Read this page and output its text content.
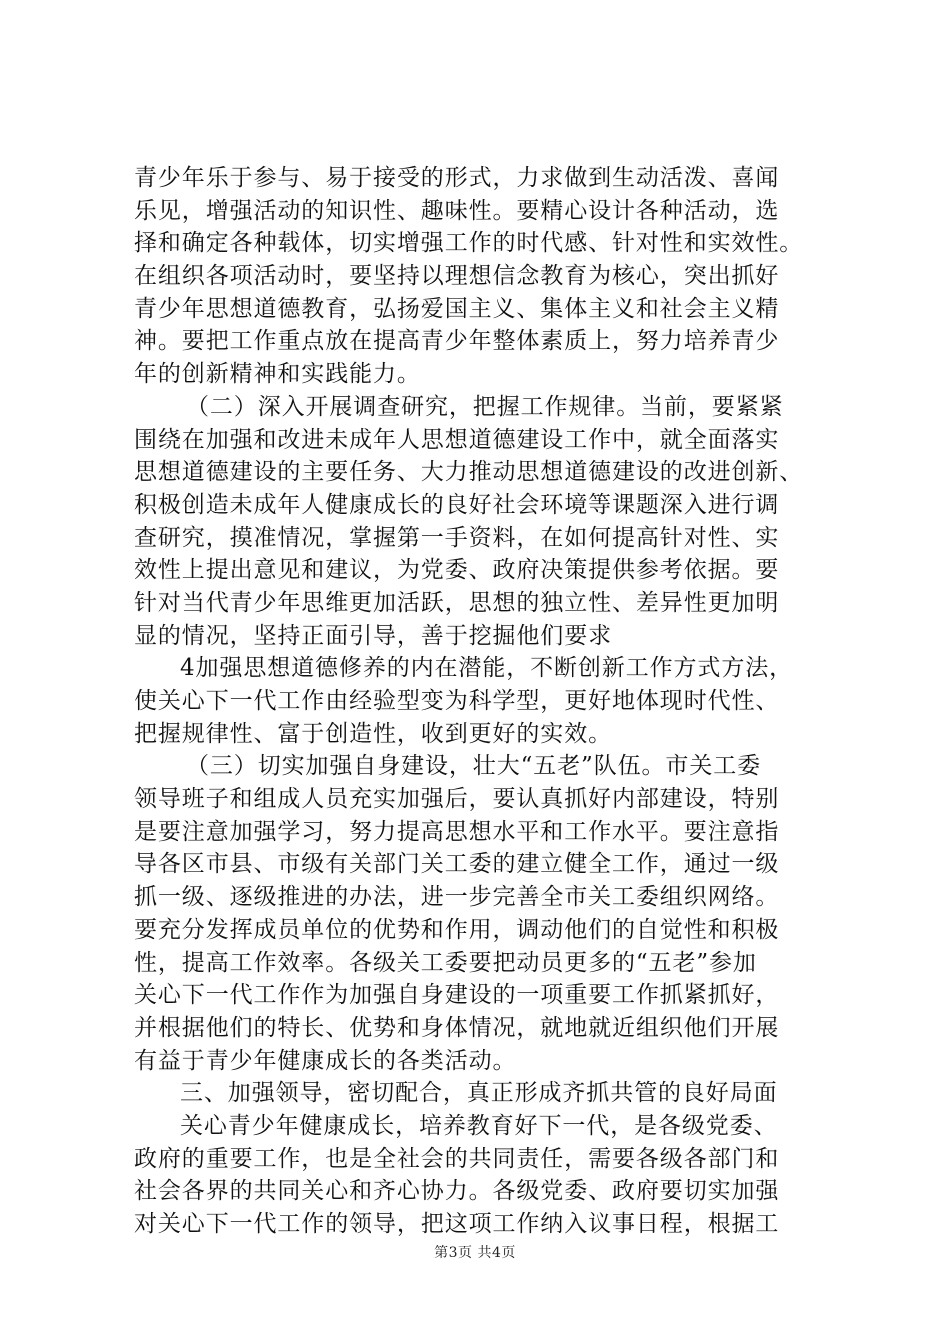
青少年乐于参与、易于接受的形式，力求做到生动活泼、喜闻
乐见，增强活动的知识性、趣味性。要精心设计各种活动，选
择和确定各种载体，切实增强工作的时代感、针对性和实效性。
在组织各项活动时，要坚持以理想信念教育为核心，突出抓好
青少年思想道德教育，弘扬爱国主义、集体主义和社会主义精
神。要把工作重点放在提高青少年整体素质上，努力培养青少
年的创新精神和实践能力。
（二）深入开展调查研究，把握工作规律。当前，要紧紧
围绕在加强和改进未成年人思想道德建设工作中，就全面落实
思想道德建设的主要任务、大力推动思想道德建设的改进创新、
积极创造未成年人健康成长的良好社会环境等课题深入进行调
查研究，摸准情况，掌握第一手资料，在如何提高针对性、实
效性上提出意见和建议，为党委、政府决策提供参考依据。要
针对当代青少年思维更加活跃，思想的独立性、差异性更加明
显的情况，坚持正面引导，善于挖掘他们要求
4加强思想道德修养的内在潜能，不断创新工作方式方法，
使关心下一代工作由经验型变为科学型，更好地体现时代性、
把握规律性、富于创造性，收到更好的实效。
（三）切实加强自身建设，壮大“五老”队伍。市关工委
领导班子和组成人员充实加强后，要认真抓好内部建设，特别
是要注意加强学习，努力提高思想水平和工作水平。要注意指
导各区市县、市级有关部门关工委的建立健全工作，通过一级
抓一级、逐级推进的办法，进一步完善全市关工委组织网络。
要充分发挥成员单位的优势和作用，调动他们的自觉性和积极
性，提高工作效率。各级关工委要把动员更多的“五老”参加
关心下一代工作作为加强自身建设的一项重要工作抓紧抓好，
并根据他们的特长、优势和身体情况，就地就近组织他们开展
有益于青少年健康成长的各类活动。
三、加强领导，密切配合，真正形成齐抓共管的良好局面
关心青少年健康成长，培养教育好下一代，是各级党委、
政府的重要工作，也是全社会的共同责任，需要各级各部门和
社会各界的共同关心和齐心协力。各级党委、政府要切实加强
对关心下一代工作的领导，把这项工作纳入议事日程，根据工
第3页 共4页
